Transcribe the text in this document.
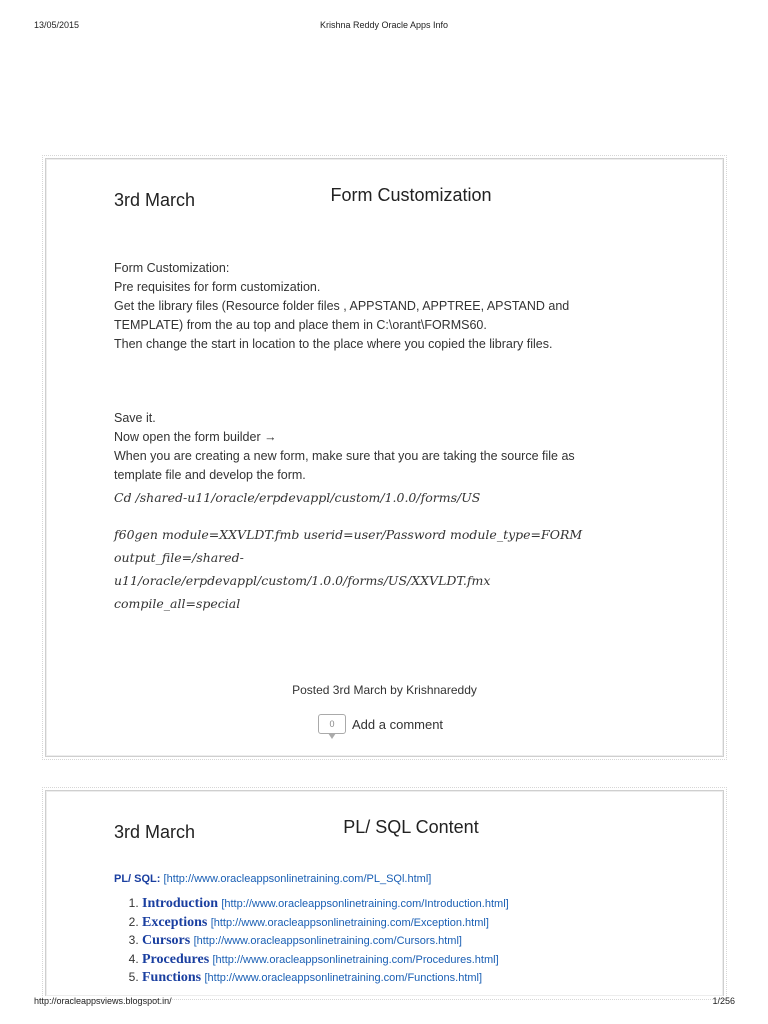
13/05/2015	Krishna Reddy Oracle Apps Info
3rd March	Form Customization
Form Customization:
Pre requisites for form customization.
Get the library files (Resource folder files , APPSTAND, APPTREE, APSTAND and
TEMPLATE) from the au top and place them in C:\orant\FORMS60.
Then change the start in location to the place where you copied the library files.
Save it.
Now open the form builder →
When you are creating a new form, make sure that you are taking the source file as
template file and develop the form.
Cd /shared-u11/oracle/erpdevappl/custom/1.0.0/forms/US
f60gen module=XXVLDT.fmb userid=user/Password module_type=FORM
output_file=/shared-
u11/oracle/erpdevappl/custom/1.0.0/forms/US/XXVLDT.fmx
compile_all=special
Posted 3rd March by Krishnareddy
0	Add a comment
3rd March	PL/ SQL Content
PL/ SQL: [http://www.oracleappsonlinetraining.com/PL_SQl.html]
1. Introduction [http://www.oracleappsonlinetraining.com/Introduction.html]
2. Exceptions [http://www.oracleappsonlinetraining.com/Exception.html]
3. Cursors [http://www.oracleappsonlinetraining.com/Cursors.html]
4. Procedures [http://www.oracleappsonlinetraining.com/Procedures.html]
5. Functions [http://www.oracleappsonlinetraining.com/Functions.html]
http://oracleappsviews.blogspot.in/	1/256
